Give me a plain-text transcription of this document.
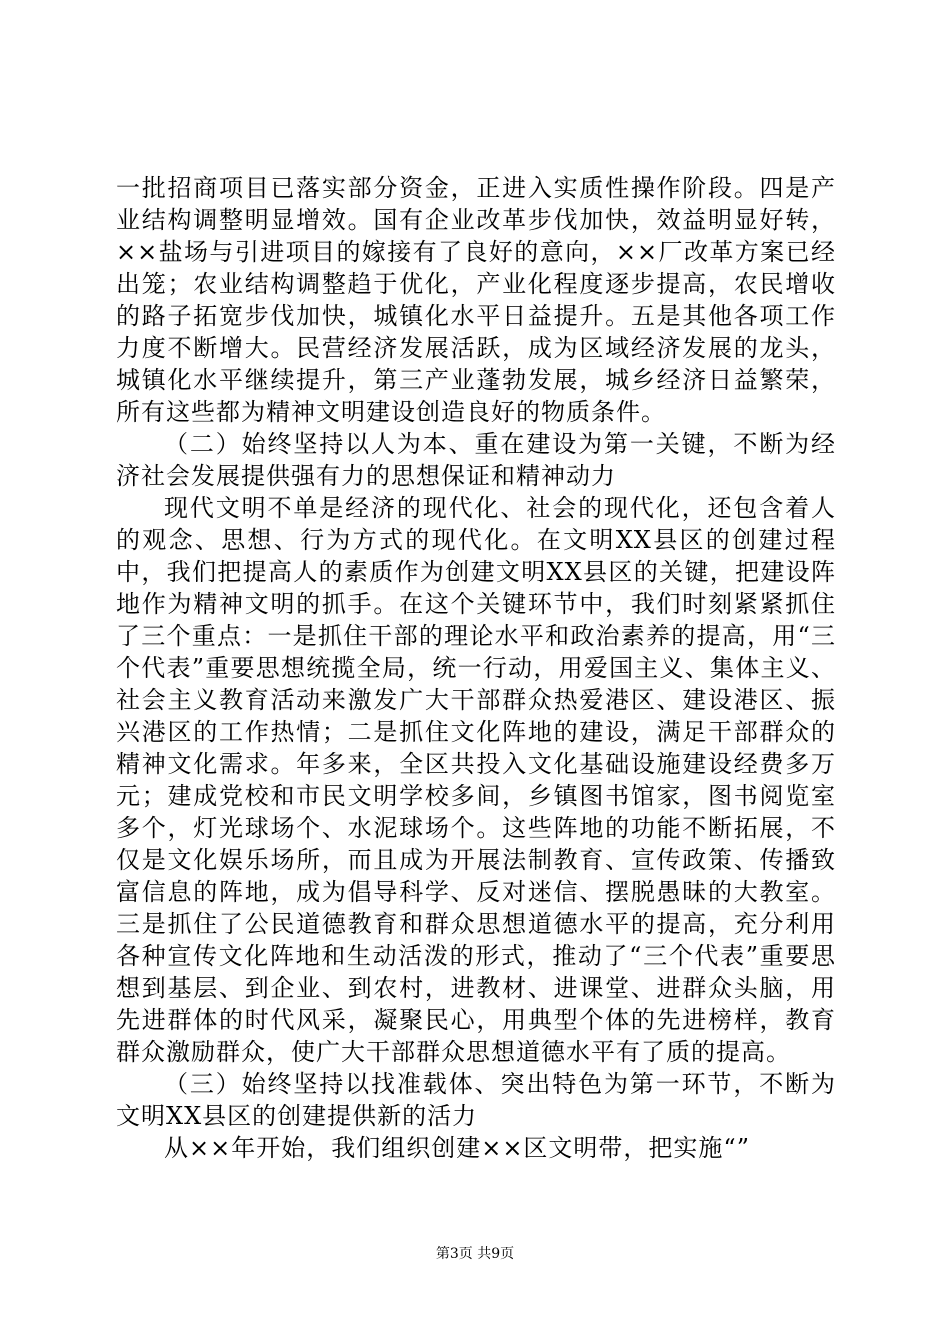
一批招商项目已落实部分资金，正进入实质性操作阶段。四是产业结构调整明显增效。国有企业改革步伐加快，效益明显好转，××盐场与引进项目的嫁接有了良好的意向，××厂改革方案已经出笼；农业结构调整趋于优化，产业化程度逐步提高，农民增收的路子拓宽步伐加快，城镇化水平日益提升。五是其他各项工作力度不断增大。民营经济发展活跃，成为区域经济发展的龙头，城镇化水平继续提升，第三产业蓬勃发展，城乡经济日益繁荣，所有这些都为精神文明建设创造良好的物质条件。

（二）始终坚持以人为本、重在建设为第一关键，不断为经济社会发展提供强有力的思想保证和精神动力

现代文明不单是经济的现代化、社会的现代化，还包含着人的观念、思想、行为方式的现代化。在文明XX县区的创建过程中，我们把提高人的素质作为创建文明XX县区的关键，把建设阵地作为精神文明的抓手。在这个关键环节中，我们时刻紧紧抓住了三个重点：一是抓住干部的理论水平和政治素养的提高，用“三个代表”重要思想统揽全局，统一行动，用爱国主义、集体主义、社会主义教育活动来激发广大干部群众热爱港区、建设港区、振兴港区的工作热情；二是抓住文化阵地的建设，满足干部群众的精神文化需求。年多来，全区共投入文化基础设施建设经费多万元；建成党校和市民文明学校多间，乡镇图书馆家，图书阅览室多个，灯光球场个、水泥球场个。这些阵地的功能不断拓展，不仅是文化娱乐场所，而且成为开展法制教育、宣传政策、传播致富信息的阵地，成为倡导科学、反对迷信、摆脱愚昧的大教室。三是抓住了公民道德教育和群众思想道德水平的提高，充分利用各种宣传文化阵地和生动活泼的形式，推动了“三个代表”重要思想到基层、到企业、到农村，进教材、进课堂、进群众头脑，用先进群体的时代风采，凝聚民心，用典型个体的先进榜样，教育群众激励群众，使广大干部群众思想道德水平有了质的提高。

（三）始终坚持以找准载体、突出特色为第一环节，不断为文明XX县区的创建提供新的活力

从××年开始，我们组织创建××区文明带，把实施“”

第3页 共9页
